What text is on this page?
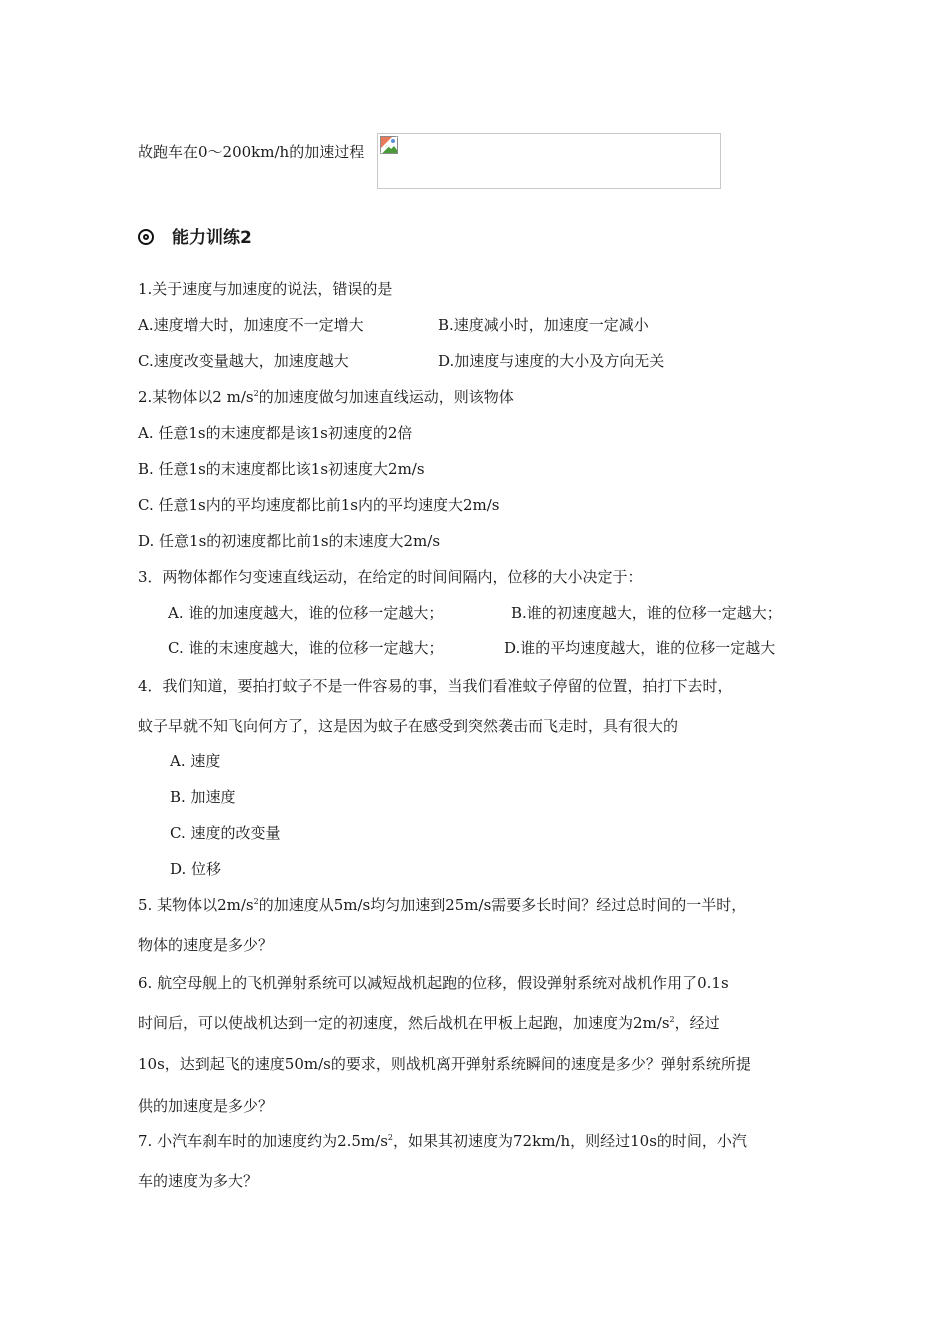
故跑车在0～200km/h的加速过程
能力训练2
1.关于速度与加速度的说法，错误的是
A.速度增大时，加速度不一定增大	B.速度减小时，加速度一定减小
C.速度改变量越大，加速度越大	D.加速度与速度的大小及方向无关
2.某物体以2 $m/s^2$的加速度做匀加速直线运动，则该物体
A. 任意1s的末速度都是该1s初速度的2倍
B. 任意1s的末速度都比该1s初速度大2m/s
C. 任意1s内的平均速度都比前1s内的平均速度大2m/s
D. 任意1s的初速度都比前1s的末速度大2m/s
3．两物体都作匀变速直线运动，在给定的时间间隔内，位移的大小决定于：
A. 谁的加速度越大，谁的位移一定越大；	B.谁的初速度越大，谁的位移一定越大；
C. 谁的末速度越大，谁的位移一定越大；	D.谁的平均速度越大，谁的位移一定越大
4．我们知道，要拍打蚊子不是一件容易的事，当我们看准蚊子停留的位置，拍打下去时，
蚊子早就不知飞向何方了，这是因为蚊子在感受到突然袭击而飞走时，具有很大的
A. 速度
B. 加速度
C. 速度的改变量
D. 位移
5. 某物体以$2m/s^2$的加速度从5m/s均匀加速到25m/s需要多长时间？经过总时间的一半时，
物体的速度是多少？
6. 航空母舰上的飞机弹射系统可以减短战机起跑的位移，假设弹射系统对战机作用了0.1s
时间后，可以使战机达到一定的初速度，然后战机在甲板上起跑，加速度为$2m/s^2$，经过
10s，达到起飞的速度50m/s的要求，则战机离开弹射系统瞬间的速度是多少？弹射系统所提
供的加速度是多少？
7. 小汽车刹车时的加速度约为$2.5m/s^2$，如果其初速度为72km/h，则经过10s的时间，小汽
车的速度为多大？
